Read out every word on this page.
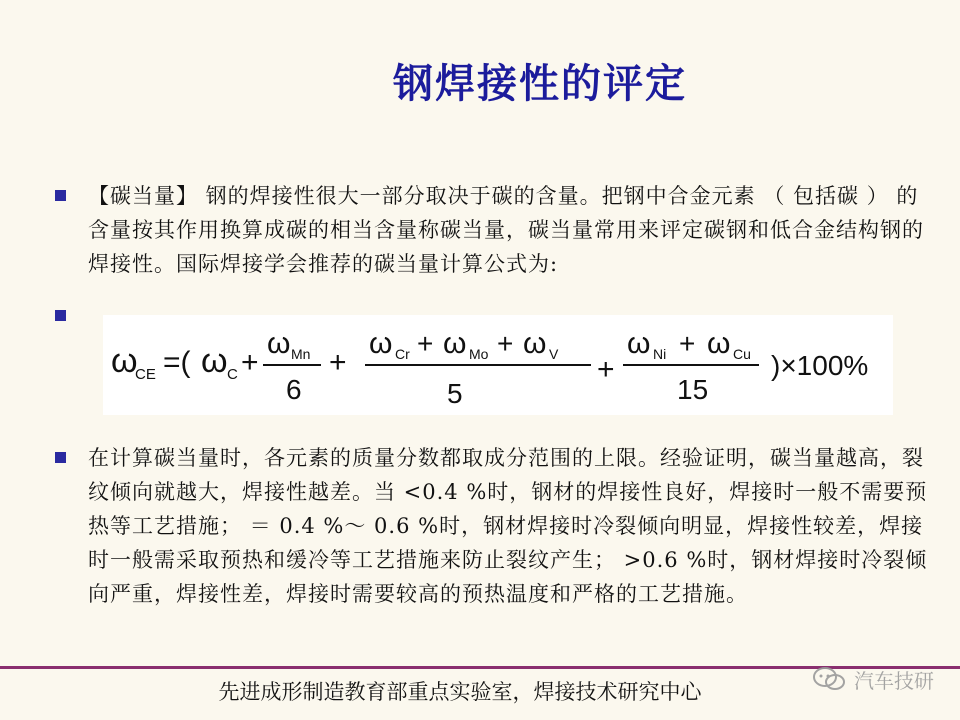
钢焊接性的评定
【碳当量】 钢的焊接性很大一部分取决于碳的含量。把钢中合金元素 （ 包括碳 ） 的含量按其作用换算成碳的相当含量称碳当量，碳当量常用来评定碳钢和低合金结构钢的焊接性。国际焊接学会推荐的碳当量计算公式为:
ω
CE =( ω C +
ω Mn
6
+
ω Cr + ω Mo + ω V
5
+
ω Ni + ω Cu
15
)×100%
在计算碳当量时，各元素的质量分数都取成分范围的上限。经验证明，碳当量越高，裂纹倾向就越大，焊接性越差。当 <0.4 %时，钢材的焊接性良好，焊接时一般不需要预热等工艺措施； ＝ 0.4 %～ 0.6 %时，钢材焊接时冷裂倾向明显，焊接性较差，焊接时一般需采取预热和缓冷等工艺措施来防止裂纹产生； >0.6 %时，钢材焊接时冷裂倾向严重，焊接性差，焊接时需要较高的预热温度和严格的工艺措施。
先进成形制造教育部重点实验室，焊接技术研究中心	汽车技研
